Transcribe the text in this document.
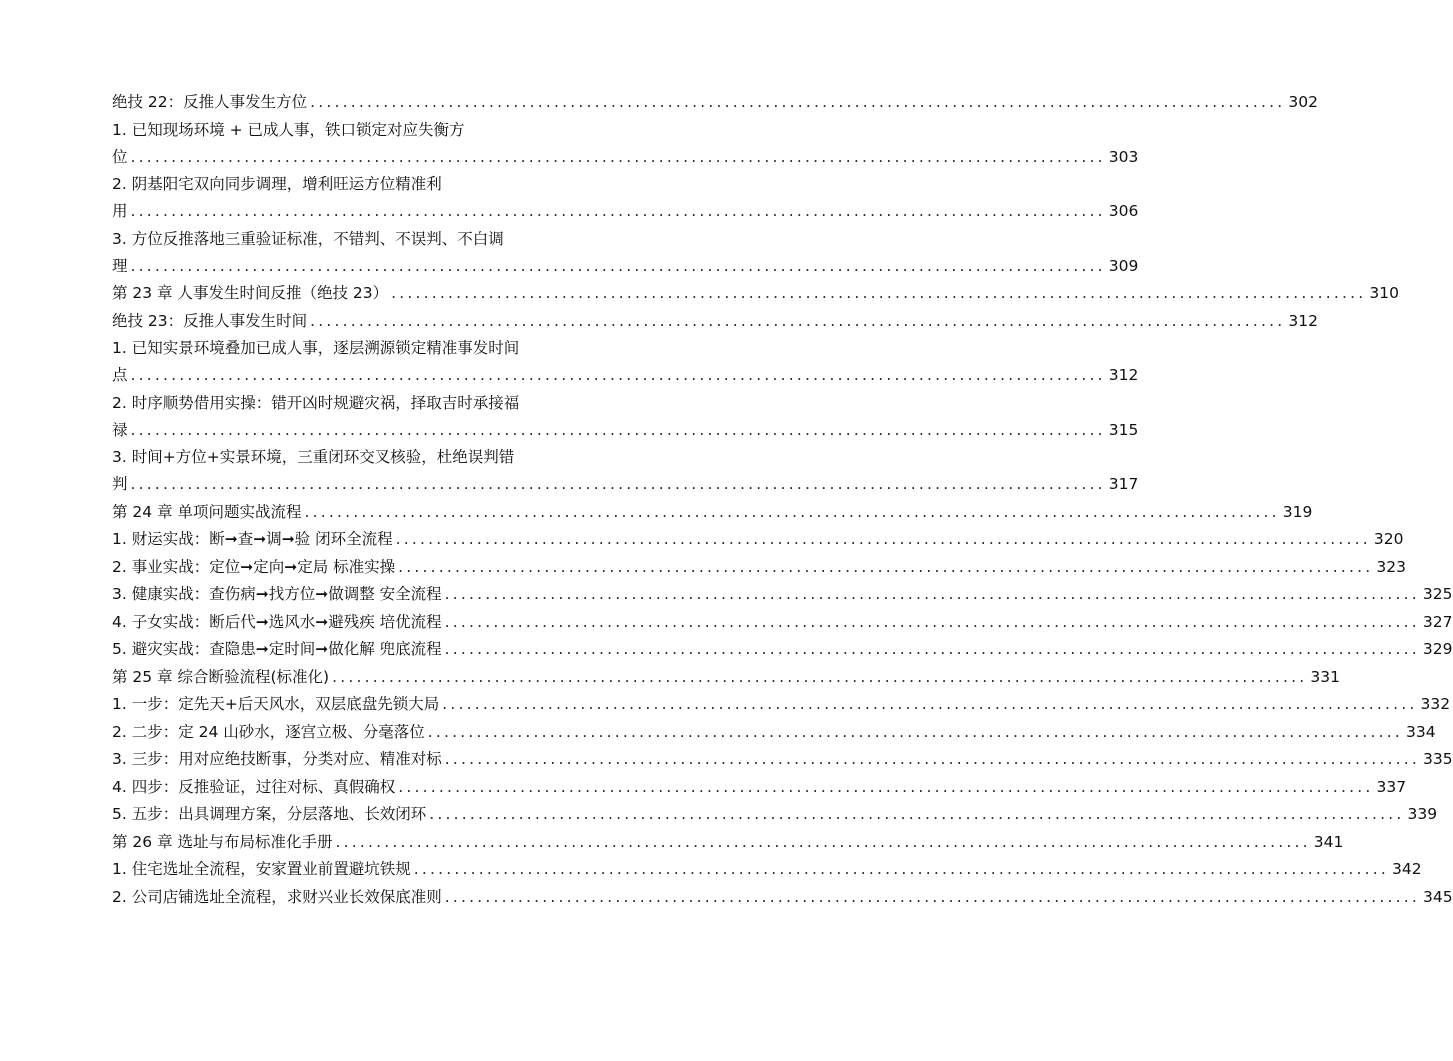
绝技 22：反推人事发生方位 ........................................................................................................................ 302
1. 已知现场环境 + 已成人事，铁口锁定对应失衡方
位 ........................................................................................................................ 303
2. 阴基阳宅双向同步调理，增利旺运方位精准利
用 ........................................................................................................................ 306
3. 方位反推落地三重验证标准，不错判、不误判、不白调
理 ........................................................................................................................ 309
第 23 章 人事发生时间反推（绝技 23） ........................................................................................................................ 310
绝技 23：反推人事发生时间 ........................................................................................................................ 312
1. 已知实景环境叠加已成人事，逐层溯源锁定精准事发时间
点 ........................................................................................................................ 312
2. 时序顺势借用实操：错开凶时规避灾祸，择取吉时承接福
禄 ........................................................................................................................ 315
3. 时间+方位+实景环境，三重闭环交叉核验，杜绝误判错
判 ........................................................................................................................ 317
第 24 章 单项问题实战流程 ........................................................................................................................ 319
1. 财运实战：断➞查➞调➞验 闭环全流程 ........................................................................................................................ 320
2. 事业实战：定位➞定向➞定局 标准实操 ........................................................................................................................ 323
3. 健康实战：查伤病➞找方位➞做调整 安全流程 ........................................................................................................................ 325
4. 子女实战：断后代➞选风水➞避残疾 培优流程 ........................................................................................................................ 327
5. 避灾实战：查隐患➞定时间➞做化解 兜底流程 ........................................................................................................................ 329
第 25 章 综合断验流程(标准化) ........................................................................................................................ 331
1. 一步：定先天+后天风水，双层底盘先锁大局 ........................................................................................................................ 332
2. 二步：定 24 山砂水，逐宫立极、分毫落位 ........................................................................................................................ 334
3. 三步：用对应绝技断事，分类对应、精准对标 ........................................................................................................................ 335
4. 四步：反推验证，过往对标、真假确权 ........................................................................................................................ 337
5. 五步：出具调理方案，分层落地、长效闭环 ........................................................................................................................ 339
第 26 章 选址与布局标准化手册 ........................................................................................................................ 341
1. 住宅选址全流程，安家置业前置避坑铁规 ........................................................................................................................ 342
2. 公司店铺选址全流程，求财兴业长效保底准则 ........................................................................................................................ 345
